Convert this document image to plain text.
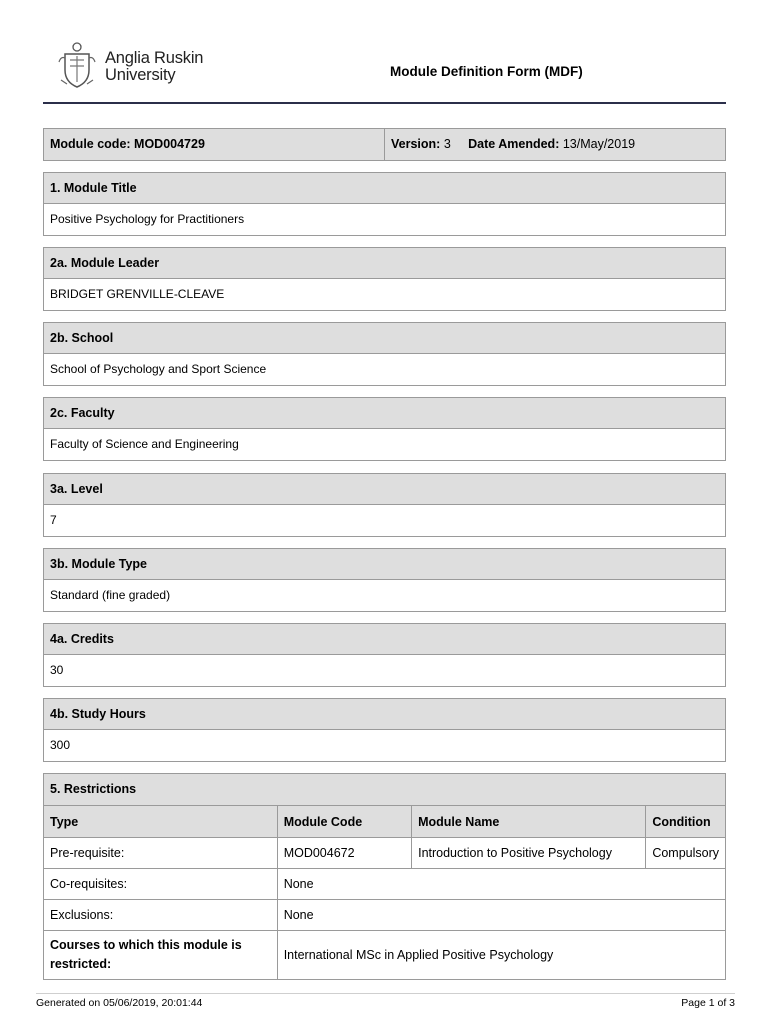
Anglia Ruskin
University	Module Definition Form (MDF)
Module code: MOD004729	Version: 3 Date Amended: 13/May/2019
1. Module Title
Positive Psychology for Practitioners
2a. Module Leader
BRIDGET GRENVILLE-CLEAVE
2b. School
School of Psychology and Sport Science
2c. Faculty
Faculty of Science and Engineering
3a. Level
7
3b. Module Type
Standard (fine graded)
4a. Credits
30
4b. Study Hours
300
5. Restrictions
Type	Module Code	Module Name	Condition
Pre-requisite:	MOD004672	Introduction to Positive Psychology	Compulsory
Co-requisites:	None		
Exclusions:	None		
Courses to which this module is restricted:	International MSc in Applied Positive Psychology		
Generated on 05/06/2019, 20:01:44	Page 1 of 3
